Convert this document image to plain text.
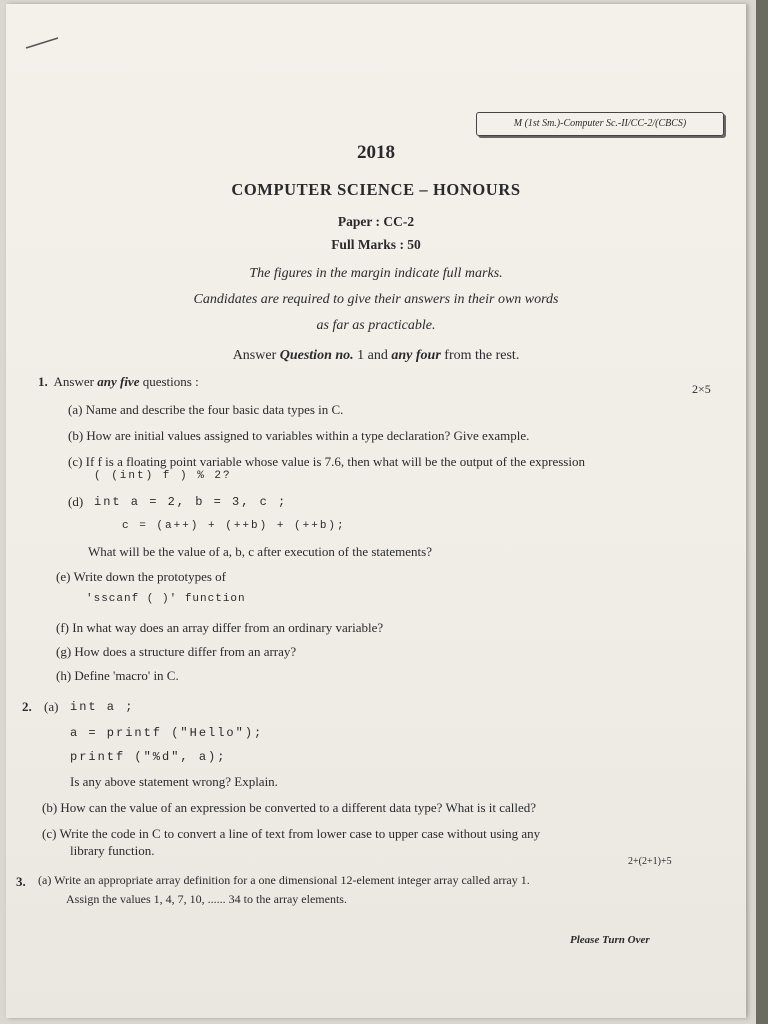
M (1st Sm.)-Computer Sc.-II/CC-2/(CBCS)
2018
COMPUTER SCIENCE – HONOURS
Paper : CC-2
Full Marks : 50
The figures in the margin indicate full marks.
Candidates are required to give their answers in their own words
as far as practicable.
Answer Question no. 1 and any four from the rest.
1. Answer any five questions :	2×5
(a) Name and describe the four basic data types in C.
(b) How are initial values assigned to variables within a type declaration? Give example.
(c) If f is a floating point variable whose value is 7.6, then what will be the output of the expression
( (int) f ) % 2?
(d) int a = 2, b = 3, c ;
c = (a++) + (++b) + (++b);
What will be the value of a, b, c after execution of the statements?
(e) Write down the prototypes of
'sscanf ( )' function
(f) In what way does an array differ from an ordinary variable?
(g) How does a structure differ from an array?
(h) Define 'macro' in C.
2. (a) int a ;
a = printf ("Hello");
printf ("%d", a);
Is any above statement wrong? Explain.
(b) How can the value of an expression be converted to a different data type? What is it called?
(c) Write the code in C to convert a line of text from lower case to upper case without using any
library function.
2+(2+1)+5
3. (a) Write an appropriate array definition for a one dimensional 12-element integer array called array 1.
Assign the values 1, 4, 7, 10, ...... 34 to the array elements.
Please Turn Over
